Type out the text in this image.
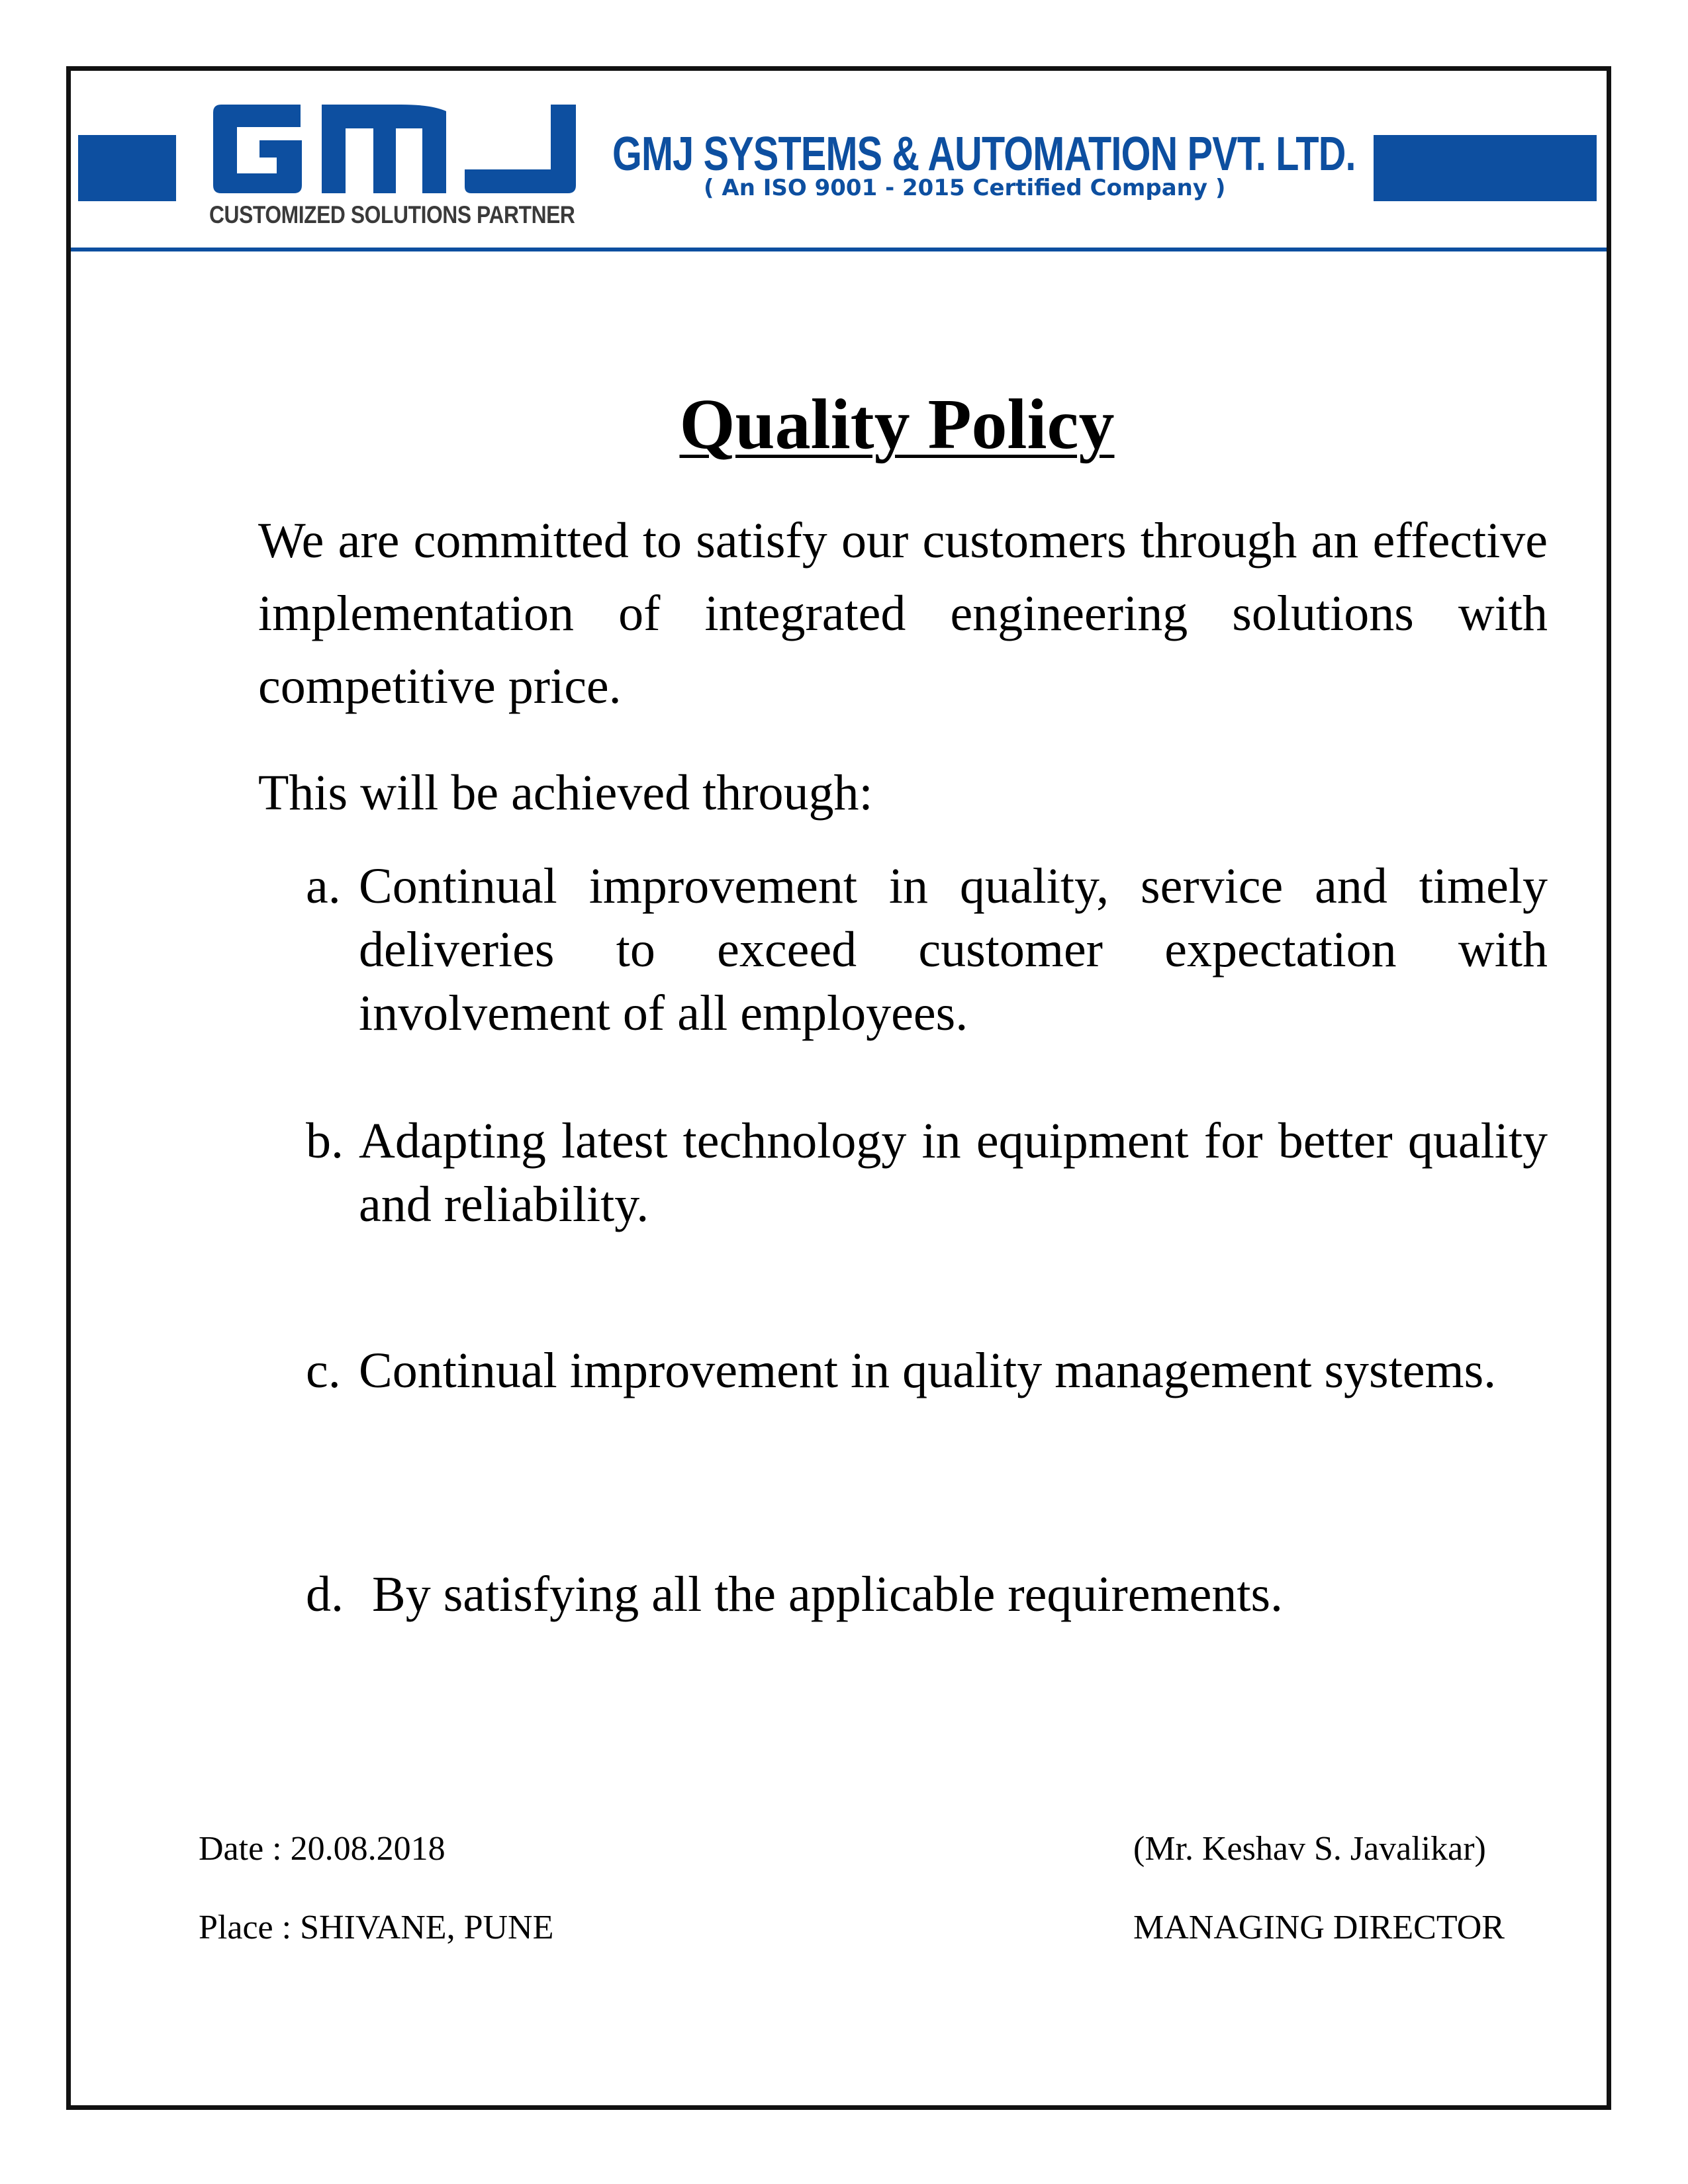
CUSTOMIZED SOLUTIONS PARTNER
GMJ SYSTEMS & AUTOMATION PVT. LTD.
( An ISO 9001 - 2015 Certified Company )
Quality Policy
We are committed to satisfy our customers through an effective implementation of integrated engineering solutions with competitive price.
This will be achieved through:
a. Continual improvement in quality, service and timely deliveries to exceed customer expectation with involvement of all employees.
b. Adapting latest technology in equipment for better quality and reliability.
c. Continual improvement in quality management systems.
d. By satisfying all the applicable requirements.
Date : 20.08.2018
Place : SHIVANE, PUNE
(Mr. Keshav S. Javalikar)
MANAGING DIRECTOR
